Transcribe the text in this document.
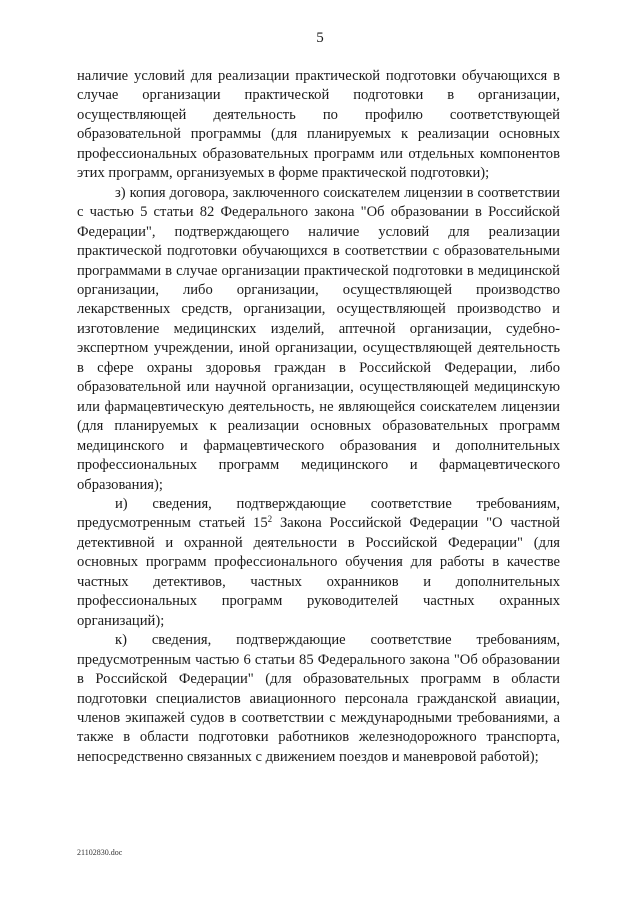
5

наличие условий для реализации практической подготовки обучающихся в случае организации практической подготовки в организации, осуществляющей деятельность по профилю соответствующей образовательной программы (для планируемых к реализации основных профессиональных образовательных программ или отдельных компонентов этих программ, организуемых в форме практической подготовки);

з) копия договора, заключенного соискателем лицензии в соответствии с частью 5 статьи 82 Федерального закона "Об образовании в Российской Федерации", подтверждающего наличие условий для реализации практической подготовки обучающихся в соответствии с образовательными программами в случае организации практической подготовки в медицинской организации, либо организации, осуществляющей производство лекарственных средств, организации, осуществляющей производство и изготовление медицинских изделий, аптечной организации, судебно-экспертном учреждении, иной организации, осуществляющей деятельность в сфере охраны здоровья граждан в Российской Федерации, либо образовательной или научной организации, осуществляющей медицинскую или фармацевтическую деятельность, не являющейся соискателем лицензии (для планируемых к реализации основных образовательных программ медицинского и фармацевтического образования и дополнительных профессиональных программ медицинского и фармацевтического образования);

и) сведения, подтверждающие соответствие требованиям, предусмотренным статьей $15^2$ Закона Российской Федерации "О частной детективной и охранной деятельности в Российской Федерации" (для основных программ профессионального обучения для работы в качестве частных детективов, частных охранников и дополнительных профессиональных программ руководителей частных охранных организаций);

к) сведения, подтверждающие соответствие требованиям, предусмотренным частью 6 статьи 85 Федерального закона "Об образовании в Российской Федерации" (для образовательных программ в области подготовки специалистов авиационного персонала гражданской авиации, членов экипажей судов в соответствии с международными требованиями, а также в области подготовки работников железнодорожного транспорта, непосредственно связанных с движением поездов и маневровой работой);

21102830.doc
